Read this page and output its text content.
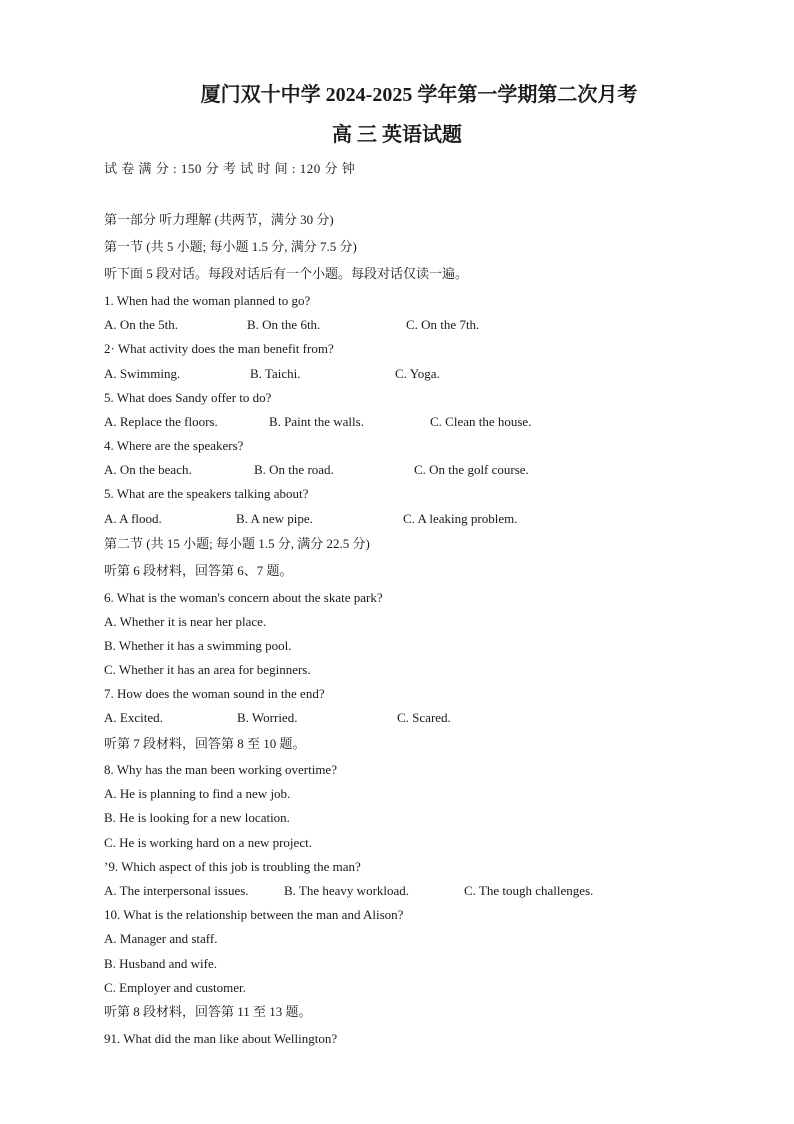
厦门双十中学 2024-2025 学年第一学期第二次月考
高 三 英语试题

试 卷 满 分 : 150 分 考 试 时 间 : 120 分 钟

第一部分 听力理解 (共两节，满分 30 分)

第一节 (共 5 小题; 每小题 1.5 分, 满分 7.5 分)

听下面 5 段对话。每段对话后有一个小题。每段对话仅读一遍。

1. When had the woman planned to go?

A. On the 5th.	B. On the 6th.	C. On the 7th.

2· What activity does the man benefit from?

A. Swimming.	B. Taichi.	C. Yoga.

5. What does Sandy offer to do?

A. Replace the floors.	B. Paint the walls.	C. Clean the house.

4. Where are the speakers?

A. On the beach.	B. On the road.	C. On the golf course.

5. What are the speakers talking about?

A. A flood.	B. A new pipe.	C. A leaking problem.

第二节 (共 15 小题; 每小题 1.5 分, 满分 22.5 分)

听第 6 段材料，回答第 6、7 题。

6. What is the woman's concern about the skate park?

A. Whether it is near her place.

B. Whether it has a swimming pool.

C. Whether it has an area for beginners.

7. How does the woman sound in the end?

A. Excited.	B. Worried.	C. Scared.

听第 7 段材料，回答第 8 至 10 题。

8. Why has the man been working overtime?

A. He is planning to find a new job.

B. He is looking for a new location.

C. He is working hard on a new project.

’9. Which aspect of this job is troubling the man?

A. The interpersonal issues.	B. The heavy workload.	C. The tough challenges.

10. What is the relationship between the man and Alison?

A. Manager and staff.

B. Husband and wife.

C. Employer and customer.

听第 8 段材料，回答第 11 至 13 题。

91. What did the man like about Wellington?
